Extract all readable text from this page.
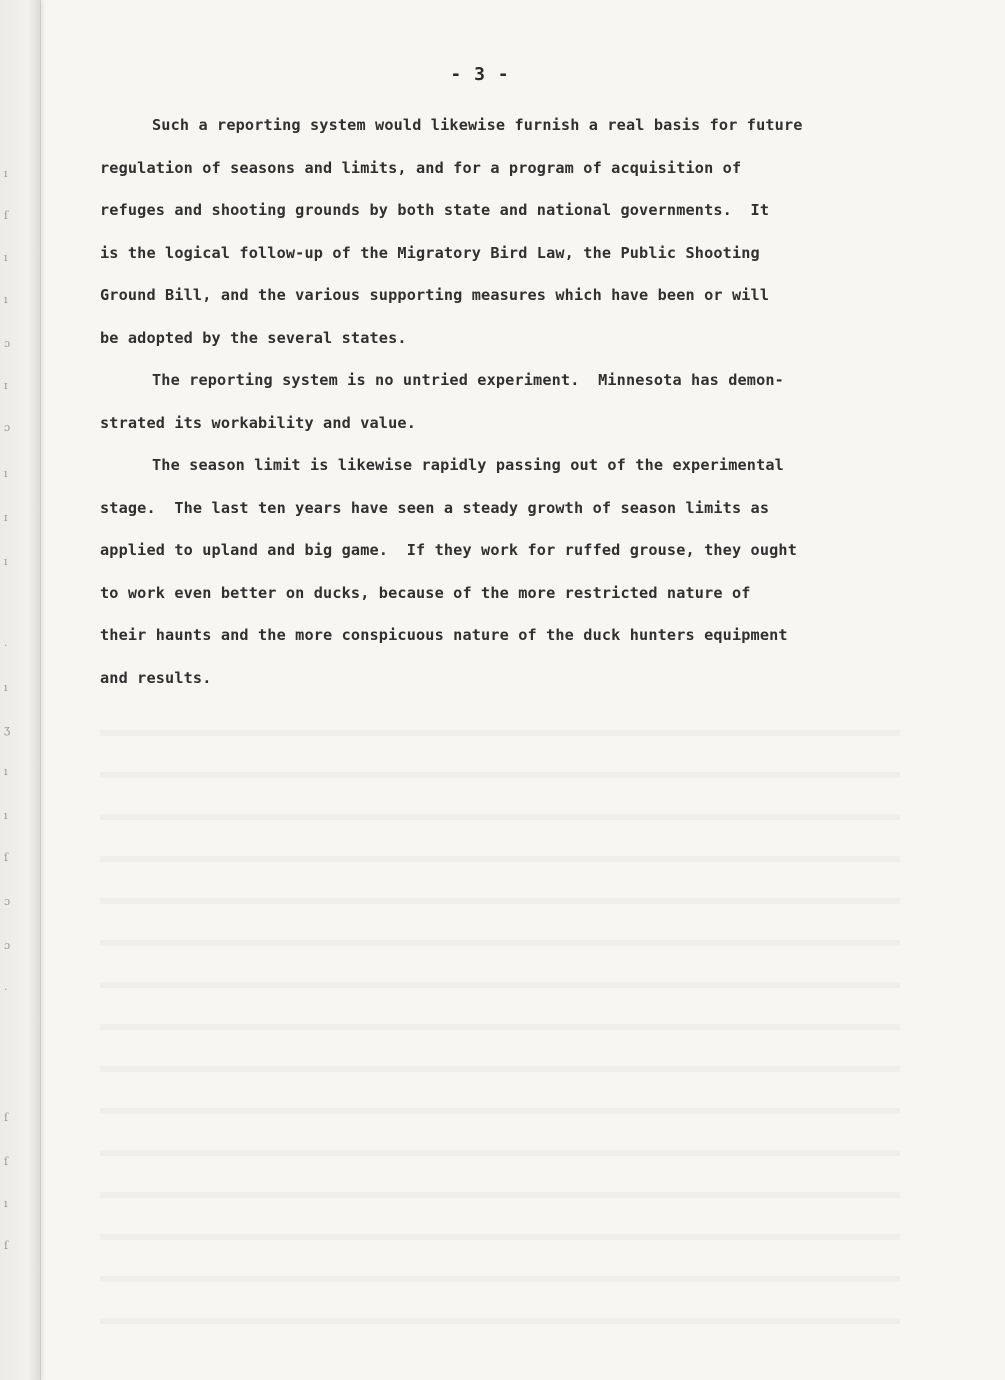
ı
ſ
ı
ı
ɔ
ɪ
ɔ
ı
ɪ
ı
·
ı
ʒ
ı
ı
ſ
ɔ
ɔ
·
ſ
ſ
ı
ſ
- 3 -

Such a reporting system would likewise furnish a real basis for future
regulation of seasons and limits, and for a program of acquisition of
refuges and shooting grounds by both state and national governments.  It
is the logical follow-up of the Migratory Bird Law, the Public Shooting
Ground Bill, and the various supporting measures which have been or will
be adopted by the several states.

The reporting system is no untried experiment.  Minnesota has demon-
strated its workability and value.

The season limit is likewise rapidly passing out of the experimental
stage.  The last ten years have seen a steady growth of season limits as
applied to upland and big game.  If they work for ruffed grouse, they ought
to work even better on ducks, because of the more restricted nature of
their haunts and the more conspicuous nature of the duck hunters equipment
and results.
